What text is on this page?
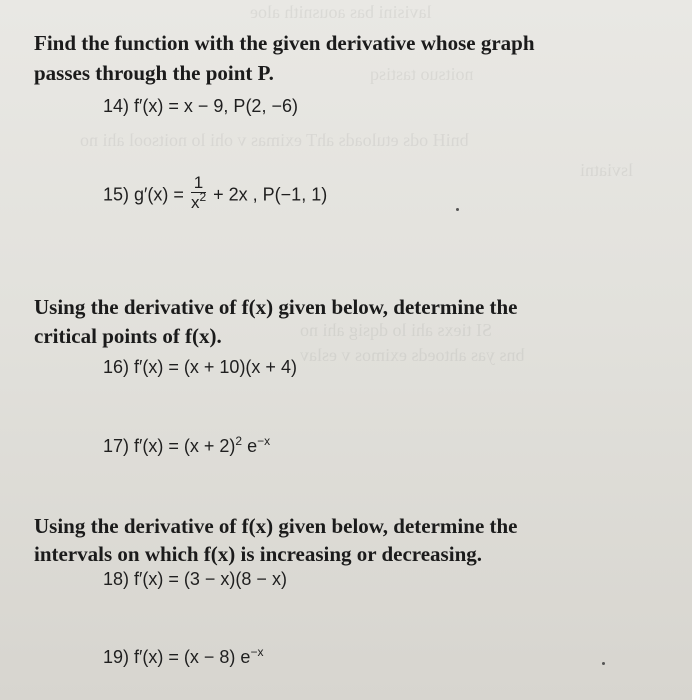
lavisini bas aousnith aloe
noitsuo tastisq
bniH ods etuloads ahT eximas v ohi lo noitsool ahi no
lsviatni
SI tiexs ahi lo dqsig ahi no
bns yas ahtoeds eximos v eslav
Find the function with the given derivative whose graph
passes through the point P.
14) f′(x) = x − 9, P(2, −6)
15) $g'(x) = \frac{1}{x^2} + 2x$ , P(−1, 1)
Using the derivative of f(x) given below, determine the
critical points of f(x).
16) f′(x) = (x + 10)(x + 4)
17) $f'(x) = (x + 2)^2$ $e^{-x}$
Using the derivative of f(x) given below, determine the
intervals on which f(x) is increasing or decreasing.
18) f′(x) = (3 − x)(8 − x)
19) f′(x) = (x − 8) $e^{-x}$
